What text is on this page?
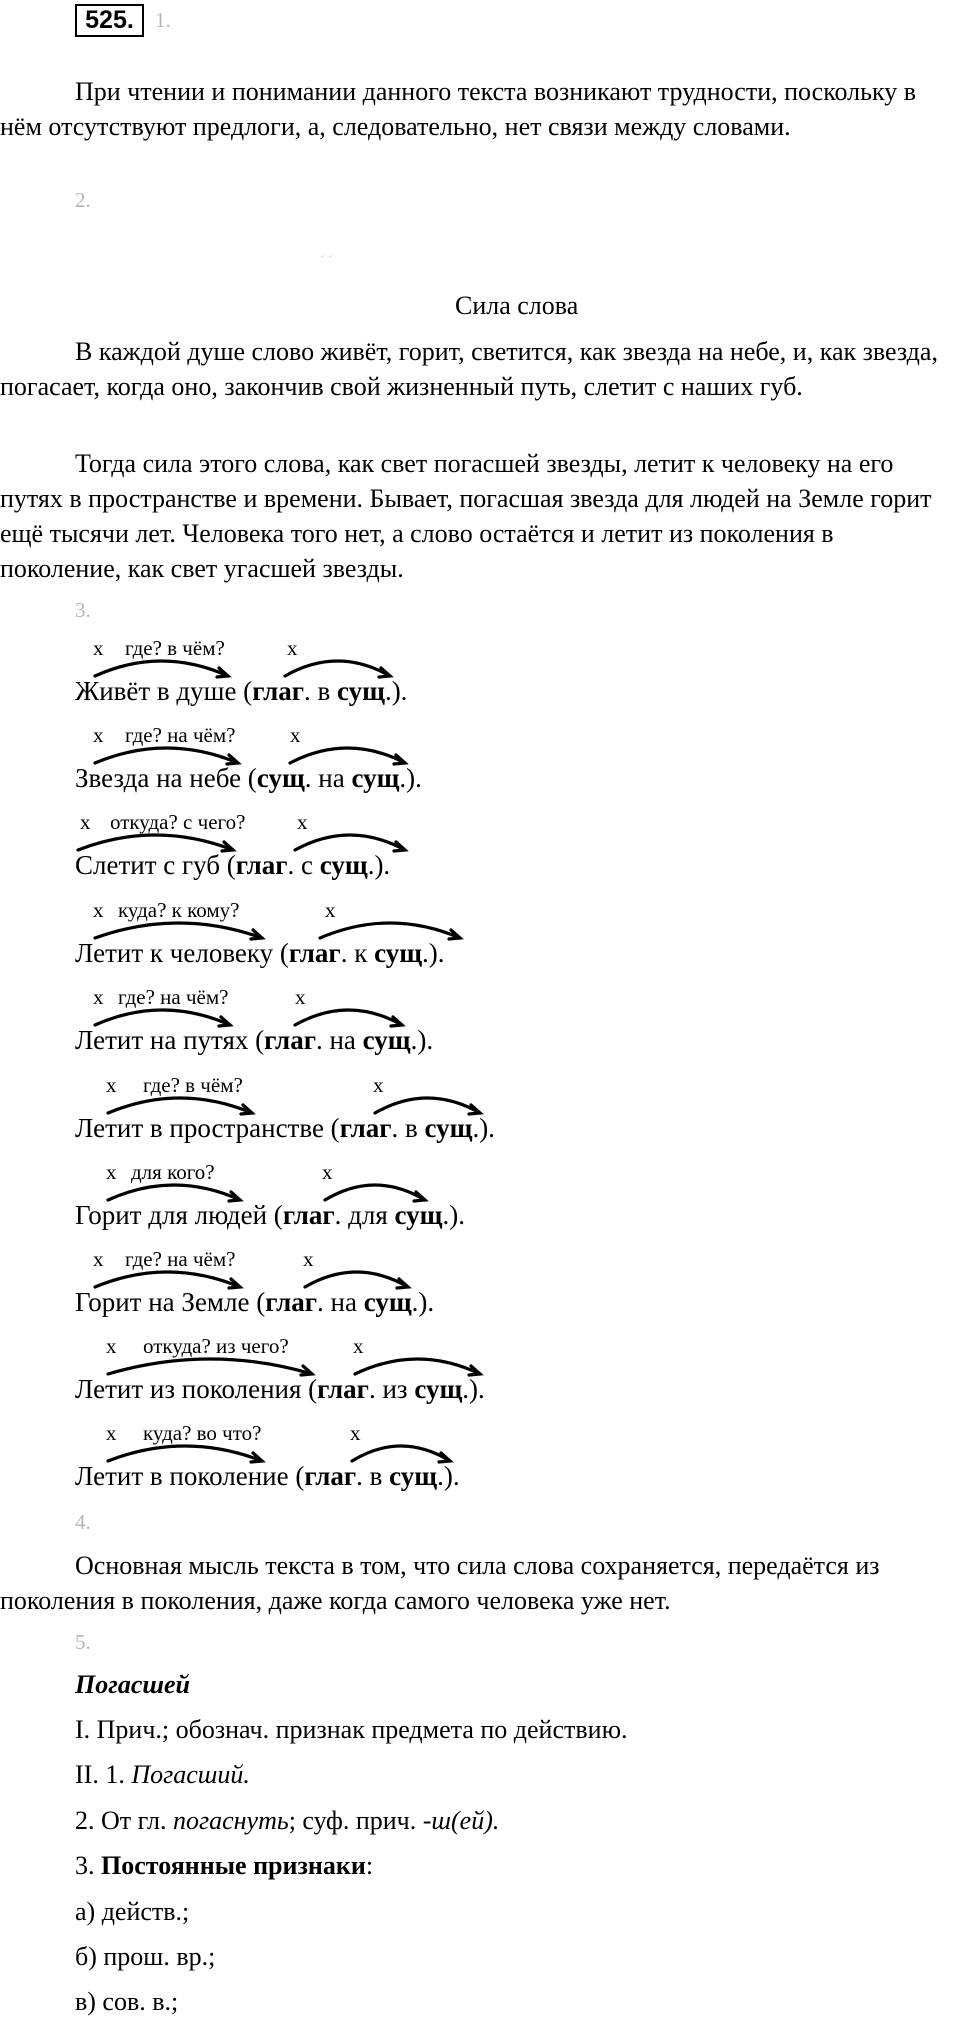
525.	1.
При чтении и понимании данного текста возникают трудности, поскольку в нём отсутствуют предлоги, а, следовательно, нет связи между словами.
2.
ˊ ˊ
Сила слова
В каждой душе слово живёт, горит, светится, как звезда на небе, и, как звезда, погасает, когда оно, закончив свой жизненный путь, слетит с наших губ.
Тогда сила этого слова, как свет погасшей звезды, летит к человеку на его путях в пространстве и времени. Бывает, погасшая звезда для людей на Земле горит ещё тысячи лет. Человека того нет, а слово остаётся и летит из поколения в поколение, как свет угасшей звезды.
3.
x где? в чём?	x
Живёт в душе (глаг. в сущ.).
x где? на чём?	x
Звезда на небе (сущ. на сущ.).
x откуда? с чего? x
Слетит с губ (глаг. с сущ.).
x куда? к кому?	x
Летит к человеку (глаг. к сущ.).
x где? на чём?	x
Летит на путях (глаг. на сущ.).
x где? в чём?	x
Летит в пространстве (глаг. в сущ.).
x для кого?	x
Горит для людей (глаг. для сущ.).
x где? на чём?	x
Горит на Земле (глаг. на сущ.).
x откуда? из чего?	x
Летит из поколения (глаг. из сущ.).
x куда? во что?	x
Летит в поколение (глаг. в сущ.).
4.
Основная мысль текста в том, что сила слова сохраняется, передаётся из поколения в поколения, даже когда самого человека уже нет.
5.
Погасшей
I. Прич.; обознач. признак предмета по действию.
II. 1. Погасший.
2. От гл. погаснуть; суф. прич. -ш(ей).
3. Постоянные признаки:
а) действ.;
б) прош. вр.;
в) сов. в.;
